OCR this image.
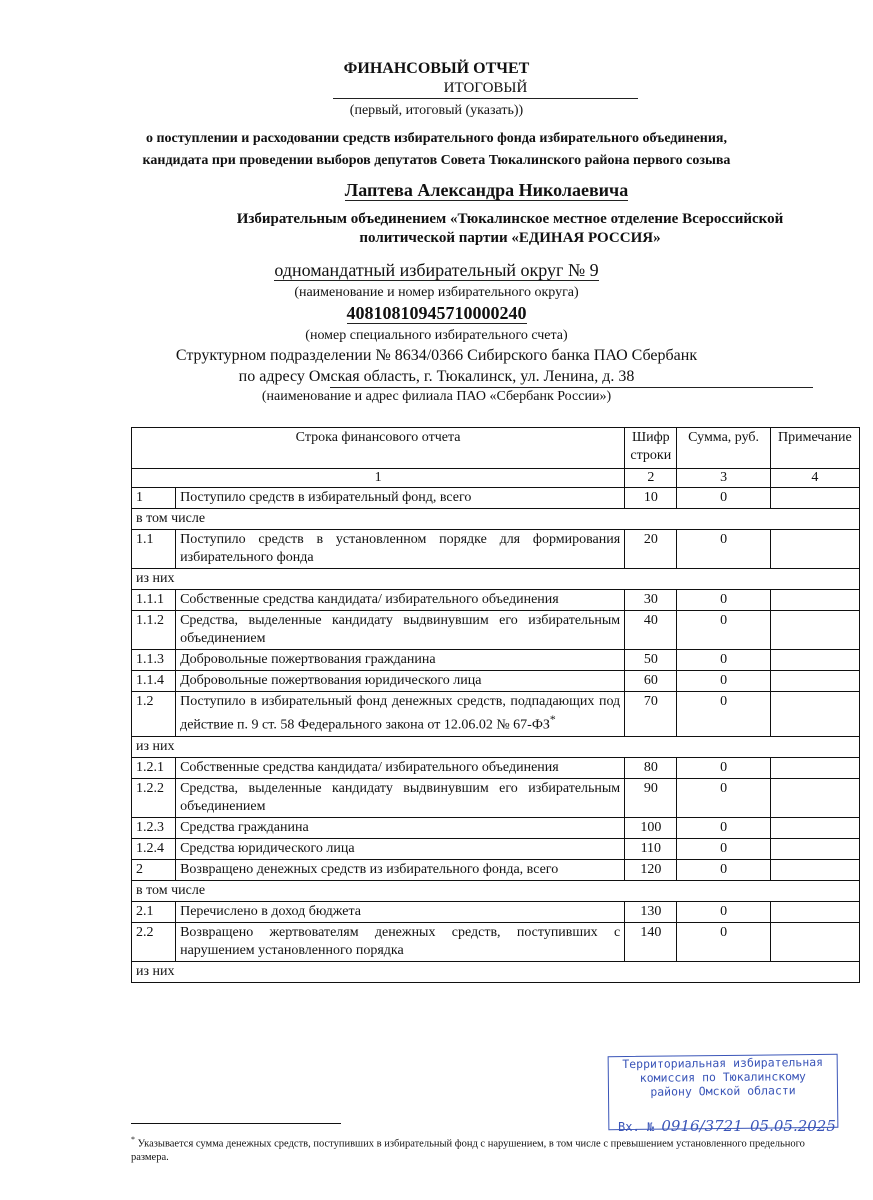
ФИНАНСОВЫЙ ОТЧЕТ
ИТОГОВЫЙ
(первый, итоговый (указать))
о поступлении и расходовании средств избирательного фонда избирательного объединения,
кандидата при проведении выборов депутатов Совета Тюкалинского района первого созыва
Лаптева Александра Николаевича
Избирательным объединением «Тюкалинское местное отделение Всероссийской
политической партии «ЕДИНАЯ РОССИЯ»
одномандатный избирательный округ № 9
(наименование и номер избирательного округа)
40810810945710000240
(номер специального избирательного счета)
Структурном подразделении № 8634/0366 Сибирского банка ПАО Сбербанк
по адресу Омская область, г. Тюкалинск, ул. Ленина, д. 38
(наименование и адрес филиала ПАО «Сбербанк России»)
Строка финансового отчета		Шифр строки	Сумма, руб.	Примечание
1		2	3	4
1	Поступило средств в избирательный фонд, всего	10	0	
в том числе				
1.1	Поступило средств в установленном порядке для формирования избирательного фонда	20	0	
из них				
1.1.1	Собственные средства кандидата/ избирательного объединения	30	0	
1.1.2	Средства, выделенные кандидату выдвинувшим его избирательным объединением	40	0	
1.1.3	Добровольные пожертвования гражданина	50	0	
1.1.4	Добровольные пожертвования юридического лица	60	0	
1.2	Поступило в избирательный фонд денежных средств, подпадающих под действие п. 9 ст. 58 Федерального закона от 12.06.02 № 67-ФЗ*	70	0	
из них				
1.2.1	Собственные средства кандидата/ избирательного объединения	80	0	
1.2.2	Средства, выделенные кандидату выдвинувшим его избирательным объединением	90	0	
1.2.3	Средства гражданина	100	0	
1.2.4	Средства юридического лица	110	0	
2	Возвращено денежных средств из избирательного фонда, всего	120	0	
в том числе				
2.1	Перечислено в доход бюджета	130	0	
2.2	Возвращено жертвователям денежных средств, поступивших с нарушением установленного порядка	140	0	
из них				
* Указывается сумма денежных средств, поступивших в избирательный фонд с нарушением, в том числе с превышением установленного предельного размера.
Территориальная избирательная
комиссия по Тюкалинскому
району Омской области
Вх. № 0916/3721 05.05.2025
